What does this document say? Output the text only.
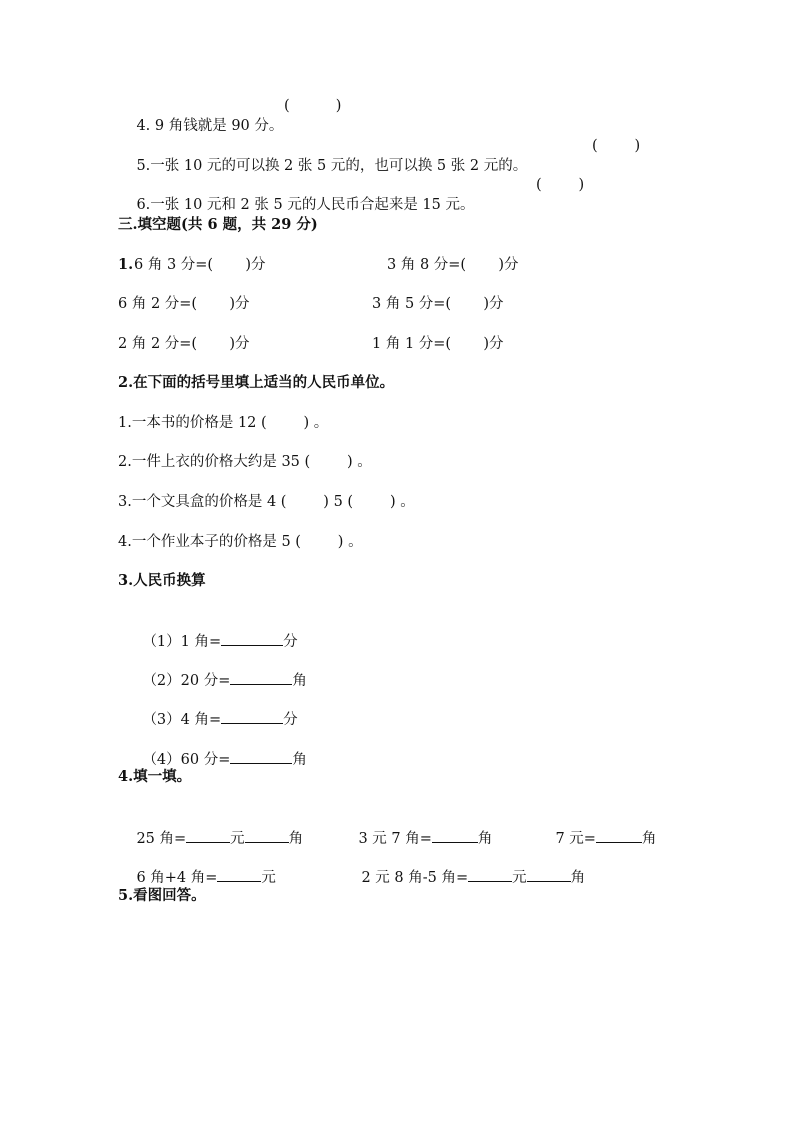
4. 9 角钱就是 90 分。

(          )

5.一张 10 元的可以换 2 张 5 元的，也可以换 5 张 2 元的。

(        )

6.一张 10 元和 2 张 5 元的人民币合起来是 15 元。

(        )
三.填空题(共 6 题，共 29 分)
1. 6 角 3 分=(       )分	3 角 8 分=(       )分
6 角 2 分=(       )分	3 角 5 分=(       )分
2 角 2 分=(       )分	1 角 1 分=(       )分
2.在下面的括号里填上适当的人民币单位。
1.一本书的价格是 12 (        ) 。
2.一件上衣的价格大约是 35 (        ) 。
3.一个文具盒的价格是 4 (        ) 5 (        ) 。
4.一个作业本子的价格是 5 (        ) 。
3.人民币换算

（1）1 角=	分

（2）20 分=	角

（3）4 角=	分

（4）60 分=	角

4.填一填。

25 角=	元	角
	3 元 7 角=	角
	7 元=	角

6 角+4 角=	元
	2 元 8 角-5 角=	元	角

5.看图回答。
